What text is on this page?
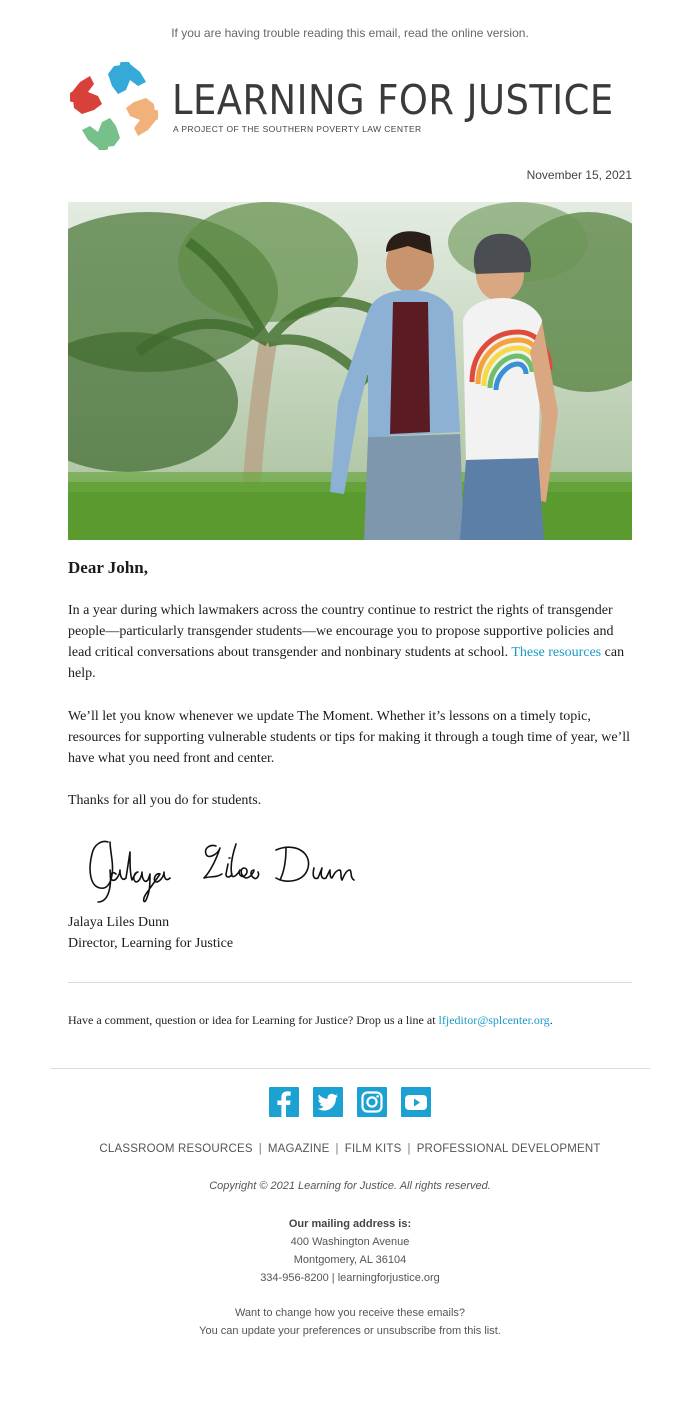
If you are having trouble reading this email, read the online version.
LEARNING FOR JUSTICE
A PROJECT OF THE SOUTHERN POVERTY LAW CENTER
November 15, 2021
Dear John,
In a year during which lawmakers across the country continue to restrict the rights of transgender people—particularly transgender students—we encourage you to propose supportive policies and lead critical conversations about transgender and nonbinary students at school. These resources can help.
We’ll let you know whenever we update The Moment. Whether it’s lessons on a timely topic, resources for supporting vulnerable students or tips for making it through a tough time of year, we’ll have what you need front and center.
Thanks for all you do for students.
Jalaya Liles Dunn
Director, Learning for Justice
Have a comment, question or idea for Learning for Justice? Drop us a line at lfjeditor@splcenter.org.

CLASSROOM RESOURCES | MAGAZINE | FILM KITS | PROFESSIONAL DEVELOPMENT
Copyright © 2021 Learning for Justice. All rights reserved.
Our mailing address is:
400 Washington Avenue
Montgomery, AL 36104
334-956-8200 | learningforjustice.org
Want to change how you receive these emails?
You can update your preferences or unsubscribe from this list.
